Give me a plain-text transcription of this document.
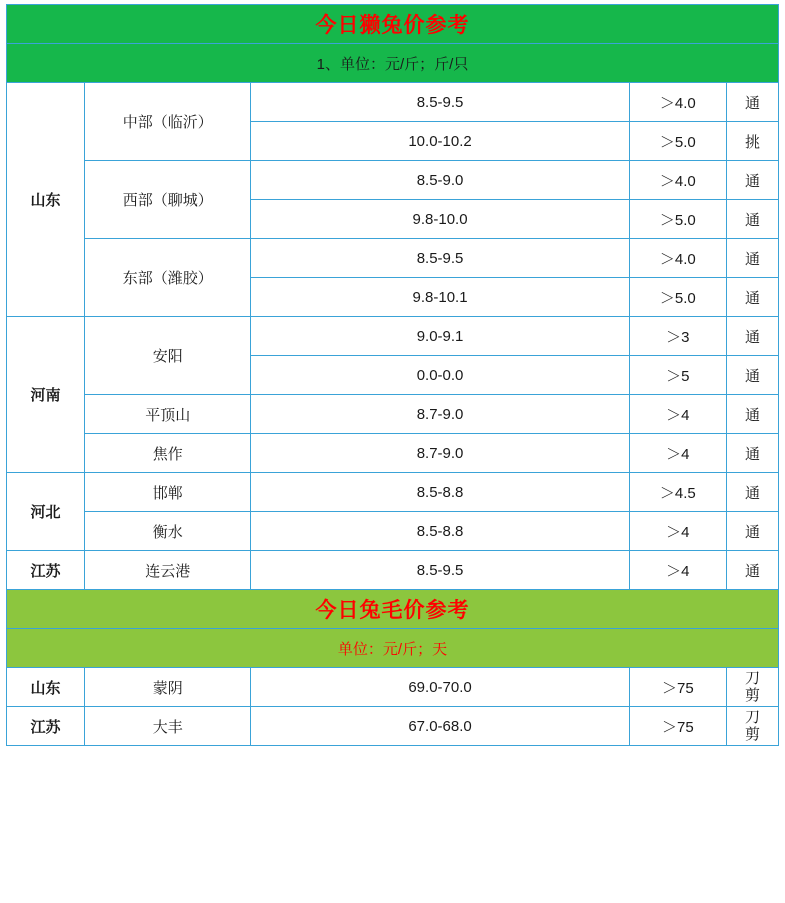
今日獭兔价参考				
1、单位：元/斤；斤/只				
山东	中部（临沂）	8.5-9.5	＞4.0	通
		10.0-10.2	＞5.0	挑
	西部（聊城）	8.5-9.0	＞4.0	通
		9.8-10.0	＞5.0	通
	东部（潍胶）	8.5-9.5	＞4.0	通
		9.8-10.1	＞5.0	通
河南	安阳	9.0-9.1	＞3	通
		0.0-0.0	＞5	通
	平顶山	8.7-9.0	＞4	通
	焦作	8.7-9.0	＞4	通
河北	邯郸	8.5-8.8	＞4.5	通
	衡水	8.5-8.8	＞4	通
江苏	连云港	8.5-9.5	＞4	通
今日兔毛价参考				
单位：元/斤；天				
山东	蒙阴	69.0-70.0	＞75	刀
剪
江苏	大丰	67.0-68.0	＞75	刀
剪
